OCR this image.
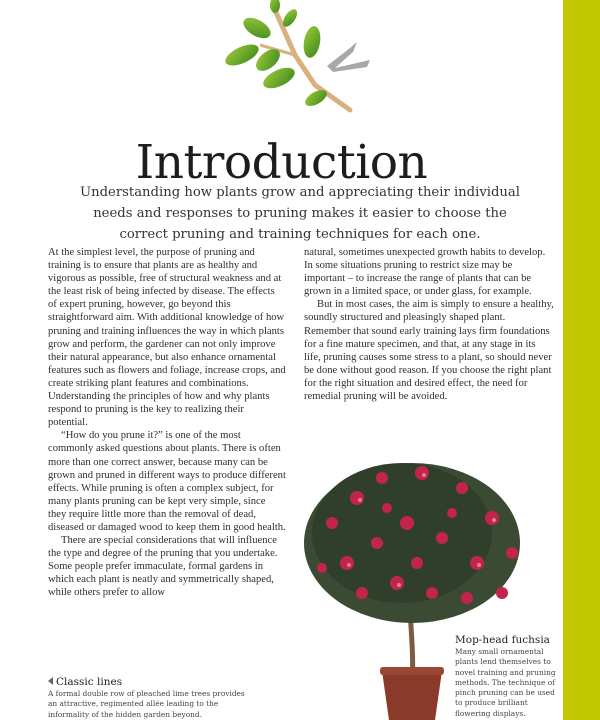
Introduction

Understanding how plants grow and appreciating their individual needs and responses to pruning makes it easier to choose the correct pruning and training techniques for each one.

At the simplest level, the purpose of pruning and training is to ensure that plants are as healthy and vigorous as possible, free of structural weakness and at the least risk of being infected by disease. The effects of expert pruning, however, go beyond this straightforward aim. With additional knowledge of how pruning and training influences the way in which plants grow and perform, the gardener can not only improve their natural appearance, but also enhance ornamental features such as flowers and foliage, increase crops, and create striking plant features and combinations. Understanding the principles of how and why plants respond to pruning is the key to realizing their potential.

“How do you prune it?” is one of the most commonly asked questions about plants. There is often more than one correct answer, because many can be grown and pruned in different ways to produce different effects. While pruning is often a complex subject, for many plants pruning can be kept very simple, since they require little more than the removal of dead, diseased or damaged wood to keep them in good health.

There are special considerations that will influence the type and degree of the pruning that you undertake. Some people prefer immaculate, formal gardens in which each plant is neatly and symmetrically shaped, while others prefer to allow

natural, sometimes unexpected growth habits to develop. In some situations pruning to restrict size may be important – to increase the range of plants that can be grown in a limited space, or under glass, for example.

But in most cases, the aim is simply to ensure a healthy, soundly structured and pleasingly shaped plant. Remember that sound early training lays firm foundations for a fine mature specimen, and that, at any stage in its life, pruning causes some stress to a plant, so should never be done without good reason. If you choose the right plant for the right situation and desired effect, the need for remedial pruning will be avoided.

Mop-head fuchsia

Many small ornamental plants lend themselves to novel training and pruning methods. The technique of pinch pruning can be used to produce brilliant flowering displays.

Classic lines

A formal double row of pleached lime trees provides an attractive, regimented allée leading to the informality of the hidden garden beyond.
